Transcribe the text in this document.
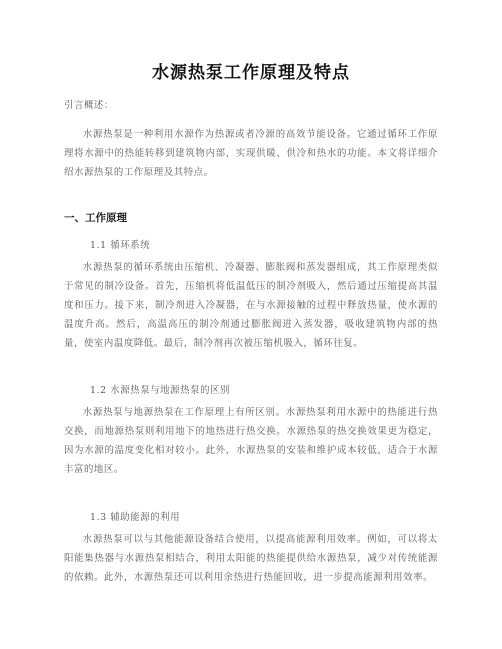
水源热泵工作原理及特点

引言概述：

水源热泵是一种利用水源作为热源或者冷源的高效节能设备。它通过循环工作原理将水源中的热能转移到建筑物内部，实现供暖、供冷和热水的功能。本文将详细介绍水源热泵的工作原理及其特点。

一、工作原理

1.1 循环系统

水源热泵的循环系统由压缩机、冷凝器、膨胀阀和蒸发器组成，其工作原理类似于常见的制冷设备。首先，压缩机将低温低压的制冷剂吸入，然后通过压缩提高其温度和压力。接下来，制冷剂进入冷凝器，在与水源接触的过程中释放热量，使水源的温度升高。然后，高温高压的制冷剂通过膨胀阀进入蒸发器，吸收建筑物内部的热量，使室内温度降低。最后，制冷剂再次被压缩机吸入，循环往复。

1.2 水源热泵与地源热泵的区别

水源热泵与地源热泵在工作原理上有所区别。水源热泵利用水源中的热能进行热交换，而地源热泵则利用地下的地热进行热交换。水源热泵的热交换效果更为稳定，因为水源的温度变化相对较小。此外，水源热泵的安装和维护成本较低，适合于水源丰富的地区。

1.3 辅助能源的利用

水源热泵可以与其他能源设备结合使用，以提高能源利用效率。例如，可以将太阳能集热器与水源热泵相结合，利用太阳能的热能提供给水源热泵，减少对传统能源的依赖。此外，水源热泵还可以利用余热进行热能回收，进一步提高能源利用效率。
